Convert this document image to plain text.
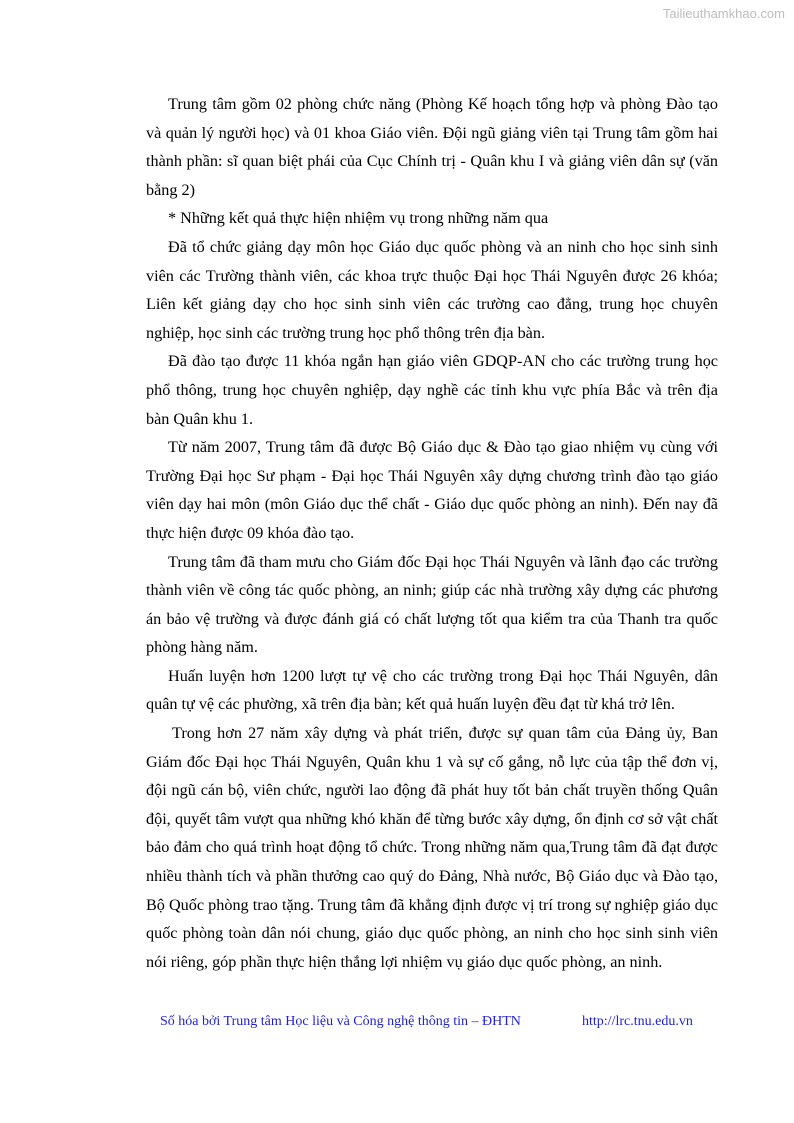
Tailieuthamkhao.com

Trung tâm gồm 02 phòng chức năng (Phòng Kế hoạch tổng hợp và phòng Đào tạo và quản lý người học) và 01 khoa Giáo viên. Đội ngũ giảng viên tại Trung tâm gồm hai thành phần: sĩ quan biệt phái của Cục Chính trị - Quân khu I và giảng viên dân sự (văn bằng 2)

* Những kết quả thực hiện nhiệm vụ trong những năm qua

Đã tổ chức giảng dạy môn học Giáo dục quốc phòng và an ninh cho học sinh sinh viên các Trường thành viên, các khoa trực thuộc Đại học Thái Nguyên được 26 khóa; Liên kết giảng dạy cho học sinh sinh viên các trường cao đẳng, trung học chuyên nghiệp, học sinh các trường trung học phổ thông trên địa bàn.

Đã đào tạo được 11 khóa ngắn hạn giáo viên GDQP-AN cho các trường trung học phổ thông, trung học chuyên nghiệp, dạy nghề các tỉnh khu vực phía Bắc và trên địa bàn Quân khu 1.

Từ năm 2007, Trung tâm đã được Bộ Giáo dục & Đào tạo giao nhiệm vụ cùng với Trường Đại học Sư phạm - Đại học Thái Nguyên xây dựng chương trình đào tạo giáo viên dạy hai môn (môn Giáo dục thể chất - Giáo dục quốc phòng an ninh). Đến nay đã thực hiện được 09 khóa đào tạo.

Trung tâm đã tham mưu cho Giám đốc Đại học Thái Nguyên và lãnh đạo các trường thành viên về công tác quốc phòng, an ninh; giúp các nhà trường xây dựng các phương án bảo vệ trường và được đánh giá có chất lượng tốt qua kiểm tra của Thanh tra quốc phòng hàng năm.

Huấn luyện hơn 1200 lượt tự vệ cho các trường trong Đại học Thái Nguyên, dân quân tự vệ các phường, xã trên địa bàn; kết quả huấn luyện đều đạt từ khá trở lên.

Trong hơn 27 năm xây dựng và phát triển, được sự quan tâm của Đảng ủy, Ban Giám đốc Đại học Thái Nguyên, Quân khu 1 và sự cố gắng, nỗ lực của tập thể đơn vị, đội ngũ cán bộ, viên chức, người lao động đã phát huy tốt bản chất truyền thống Quân đội, quyết tâm vượt qua những khó khăn để từng bước xây dựng, ổn định cơ sở vật chất bảo đảm cho quá trình hoạt động tổ chức. Trong những năm qua,Trung tâm đã đạt được nhiều thành tích và phần thưởng cao quý do Đảng, Nhà nước, Bộ Giáo dục và Đào tạo, Bộ Quốc phòng trao tặng. Trung tâm đã khẳng định được vị trí trong sự nghiệp giáo dục quốc phòng toàn dân nói chung, giáo dục quốc phòng, an ninh cho học sinh sinh viên nói riêng, góp phần thực hiện thắng lợi nhiệm vụ giáo dục quốc phòng, an ninh.

Số hóa bởi Trung tâm Học liệu và Công nghệ thông tin – ĐHTN	http://lrc.tnu.edu.vn
